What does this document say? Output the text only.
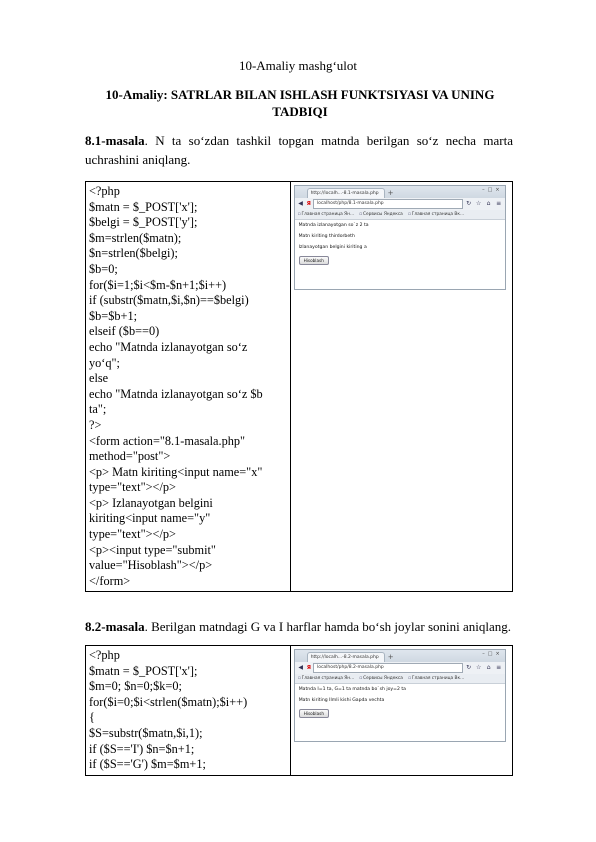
10-Amaliy mashg‘ulot
10-Amaliy: SATRLAR BILAN ISHLASH FUNKTSIYASI VA UNING TADBIQI
8.1-masala. N ta so‘zdan tashkil topgan matnda berilgan so‘z necha marta uchrashini aniqlang.
<?php
$matn = $_POST['x'];
$belgi = $_POST['y'];
$m=strlen($matn);
$n=strlen($belgi);
$b=0;
for($i=1;$i<$m-$n+1;$i++)
if (substr($matn,$i,$n)==$belgi)
$b=$b+1;
elseif ($b==0)
echo "Matnda izlanayotgan so‘z
yo‘q";
else
echo "Matnda izlanayotgan so‘z $b
ta";
?>
<form action="8.1-masala.php"
method="post">
<p> Matn kiriting<input name="x"
type="text"></p>
<p> Izlanayotgan belgini
kiriting<input name="y"
type="text"></p>
<p><input type="submit"
value="Hisoblash"></p>
</form>	
http://localh...-8.1-masala.php	+	–□×
◀ Я	localhost/php/8.1-masala.php	↻ ☆ ⌂ ≡
▫ Главная страница Ян...	▫ Сервисы Яндекса	▫ Главная страница Вк...

Matnda izlanayotgan so`z 2 ta

Matn kiriting thirdorbeth

Izlanayotgan belgini kiriting a

Hisoblash

8.2-masala. Berilgan matndagi G va I harflar hamda bo‘sh joylar sonini aniqlang.
<?php
$matn = $_POST['x'];
$m=0; $n=0;$k=0;
for($i=0;$i<strlen($matn);$i++)
{
$S=substr($matn,$i,1);
if ($S=='I') $n=$n+1;
if ($S=='G') $m=$m+1;	
http://localh...-8.2-masala.php	+	–□×
◀ Я	localhost/php/8.2-masala.php	↻ ☆ ⌂ ≡
▫ Главная страница Ян...	▫ Сервисы Яндекса	▫ Главная страница Вк...

Matnda I=1 ta, G=1 ta matnda bo`sh joy=2 ta

Matn kiriting Ilmli kishi Gapda vechta

Hisoblash
